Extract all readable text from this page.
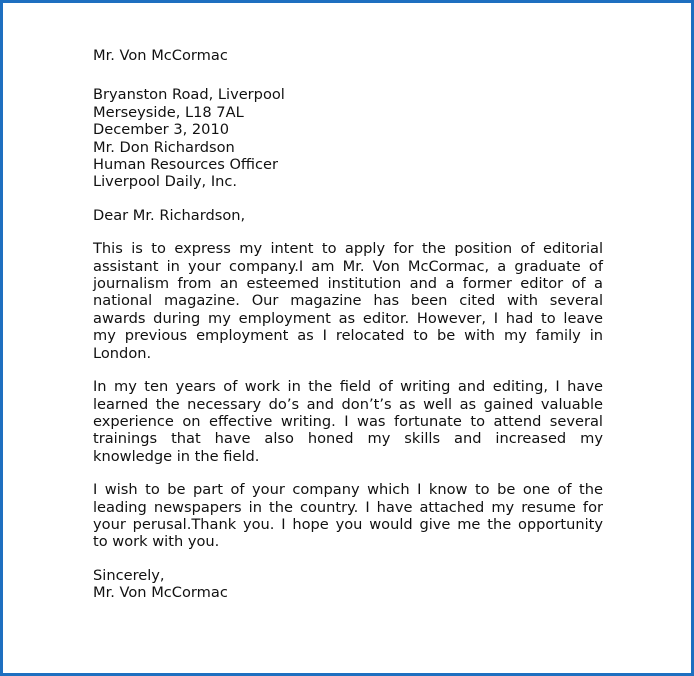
Mr. Von McCormac
Bryanston Road, Liverpool
Merseyside, L18 7AL
December 3, 2010
Mr. Don Richardson
Human Resources Officer
Liverpool Daily, Inc.
Dear Mr. Richardson,
This is to express my intent to apply for the position of editorial
assistant in your company.I am Mr. Von McCormac, a graduate of
journalism from an esteemed institution and a former editor of a
national magazine. Our magazine has been cited with several
awards during my employment as editor. However, I had to leave
my previous employment as I relocated to be with my family in
London.
In my ten years of work in the field of writing and editing, I have
learned the necessary do’s and don’t’s as well as gained valuable
experience on effective writing. I was fortunate to attend several
trainings that have also honed my skills and increased my
knowledge in the field.
I wish to be part of your company which I know to be one of the
leading newspapers in the country. I have attached my resume for
your perusal.Thank you. I hope you would give me the opportunity
to work with you.
Sincerely,
Mr. Von McCormac
